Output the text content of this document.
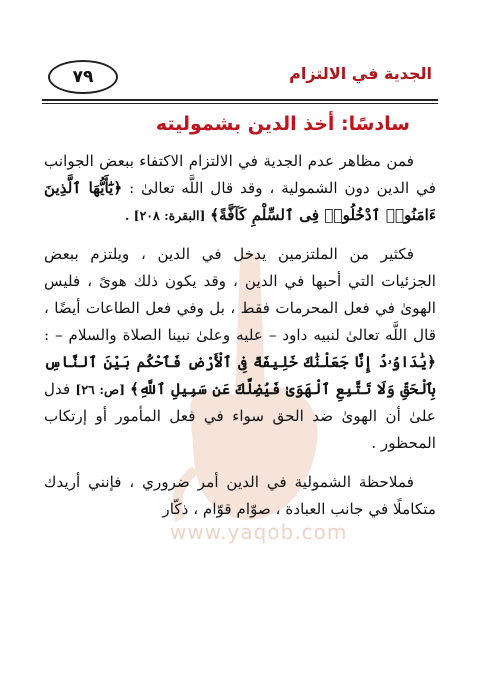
الجدية في الالتزام
٧٩
سادسًا: أخذ الدين بشموليته
www.yaqob.com

فمن مظاهر عدم الجدية في الالتزام الاكتفاء ببعض الجوانب في الدين دون الشمولية ، وقد قال اللَّه تعالىٰ : ﴿يَٰٓأَيُّهَا ٱلَّذِينَ ءَامَنُوا۟ ٱدْخُلُوا۟ فِى ٱلسِّلْمِ كَآفَّةً﴾ [البقرة: ٢٠٨] .

فكثير من الملتزمين يدخل في الدين ، ويلتزم ببعض الجزئيات التي أحبها في الدين ، وقد يكون ذلك هوىً ، فليس الهوىٰ في فعل المحرمات فقط ، بل وفي فعل الطاعات أيضًا ، قال اللَّه تعالىٰ لنبيه داود – عليه وعلىٰ نبينا الصلاة والسلام – : ﴿يَٰدَاوُۥدُ إِنَّا جَعَلْنَٰكَ خَلِيفَةً فِى ٱلْأَرْضِ فَٱحْكُم بَيْنَ ٱلنَّاسِ بِٱلْحَقِّ وَلَا تَتَّبِعِ ٱلْهَوَىٰ فَيُضِلَّكَ عَن سَبِيلِ ٱللَّهِ﴾ [ص: ٢٦] فدل علىٰ أن الهوىٰ ضد الحق سواء في فعل المأمور أو إرتكاب المحظور .

فملاحظة الشمولية في الدين أمر ضروري ، فإنني أريدك متكاملًا في جانب العبادة ، صوّام قوّام ، ذكّار
